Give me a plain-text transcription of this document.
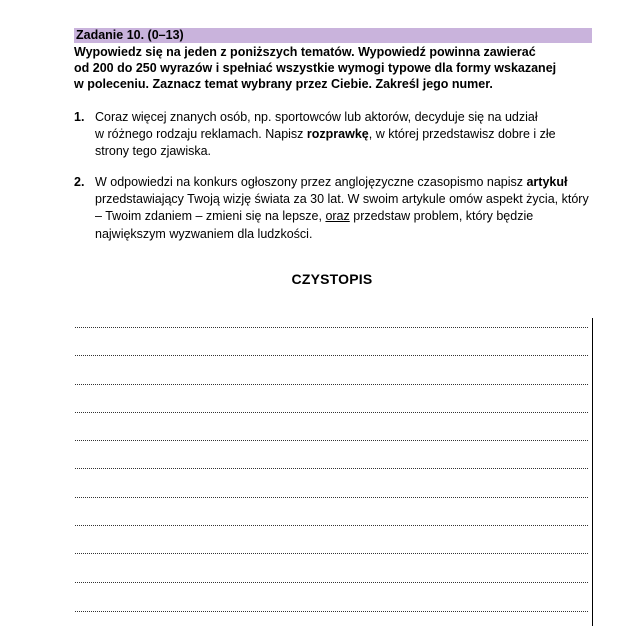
Zadanie 10. (0–13)
Wypowiedz się na jeden z poniższych tematów. Wypowiedź powinna zawierać
od 200 do 250 wyrazów i spełniać wszystkie wymogi typowe dla formy wskazanej
w poleceniu. Zaznacz temat wybrany przez Ciebie. Zakreśl jego numer.
1. Coraz więcej znanych osób, np. sportowców lub aktorów, decyduje się na udział
w różnego rodzaju reklamach. Napisz rozprawkę, w której przedstawisz dobre i złe
strony tego zjawiska.
2. W odpowiedzi na konkurs ogłoszony przez anglojęzyczne czasopismo napisz artykuł
przedstawiający Twoją wizję świata za 30 lat. W swoim artykule omów aspekt życia, który
– Twoim zdaniem – zmieni się na lepsze, oraz przedstaw problem, który będzie
największym wyzwaniem dla ludzkości.
CZYSTOPIS
